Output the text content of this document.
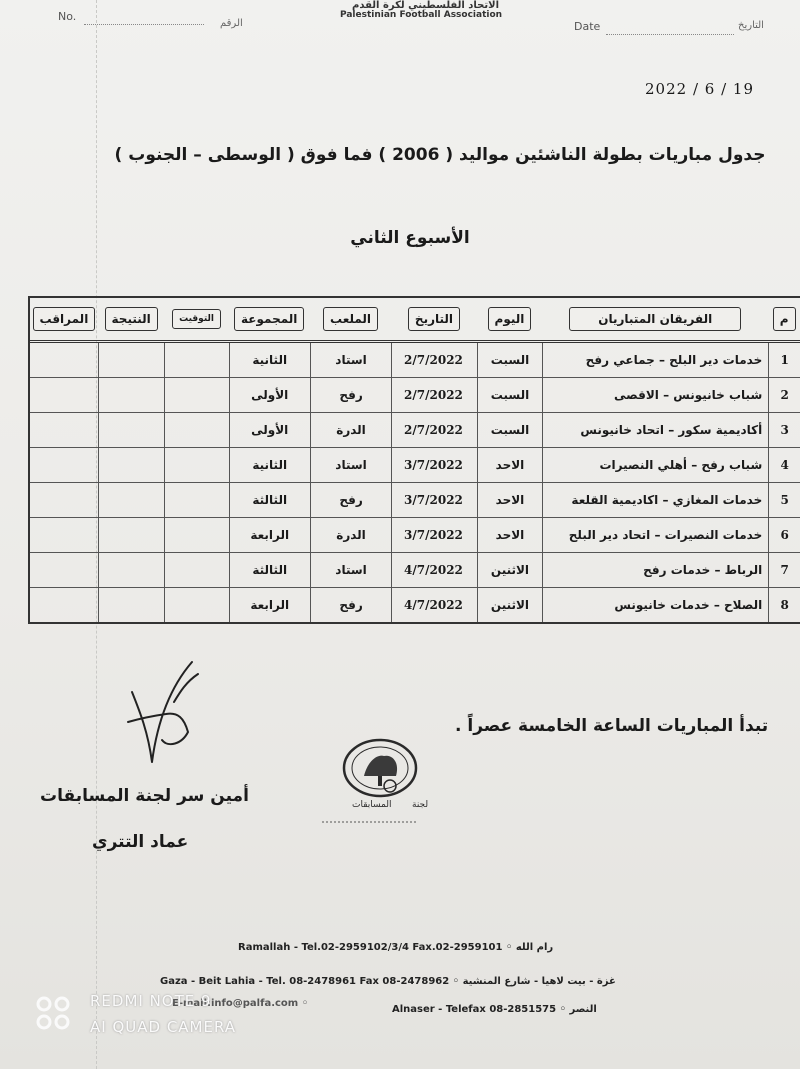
No.
الرقم
الاتحاد الفلسطيني لكرة القدم
Palestinian Football Association
Date	التاريخ
2022 / 6 / 19
جدول مباريات بطولة الناشئين مواليد ( 2006 ) فما فوق ( الوسطى – الجنوب )
الأسبوع الثاني
م	الفريقان المتباريان	اليوم	التاريخ	الملعب	المجموعة	التوقيت	النتيجة	المراقب
1	خدمات دير البلح – جماعي رفح	السبت	2/7/2022	استاد	الثانية			
2	شباب خانيونس – الاقصى	السبت	2/7/2022	رفح	الأولى			
3	أكاديمية سكور – اتحاد خانيونس	السبت	2/7/2022	الدرة	الأولى			
4	شباب رفح – أهلي النصيرات	الاحد	3/7/2022	استاد	الثانية			
5	خدمات المغازي – اكاديمية القلعة	الاحد	3/7/2022	رفح	الثالثة			
6	خدمات النصيرات – اتحاد دير البلح	الاحد	3/7/2022	الدرة	الرابعة			
7	الرباط – خدمات رفح	الاثنين	4/7/2022	استاد	الثالثة			
8	الصلاح – خدمات خانيونس	الاثنين	4/7/2022	رفح	الرابعة			
تبدأ المباريات الساعة الخامسة عصراً .
أمين سر لجنة المسابقات
عماد التتري
لجنة
المسابقات
Ramallah - Tel.02-2959102/3/4 Fax.02-2959101 ◦ رام الله
Gaza - Beit Lahia - Tel. 08-2478961 Fax 08-2478962 ◦ غزة - بيت لاهيا - شارع المنشية
E-mail:info@palfa.com ◦
Alnaser - Telefax 08-2851575 ◦ النصر
REDMI NOTE 9
AI QUAD CAMERA
